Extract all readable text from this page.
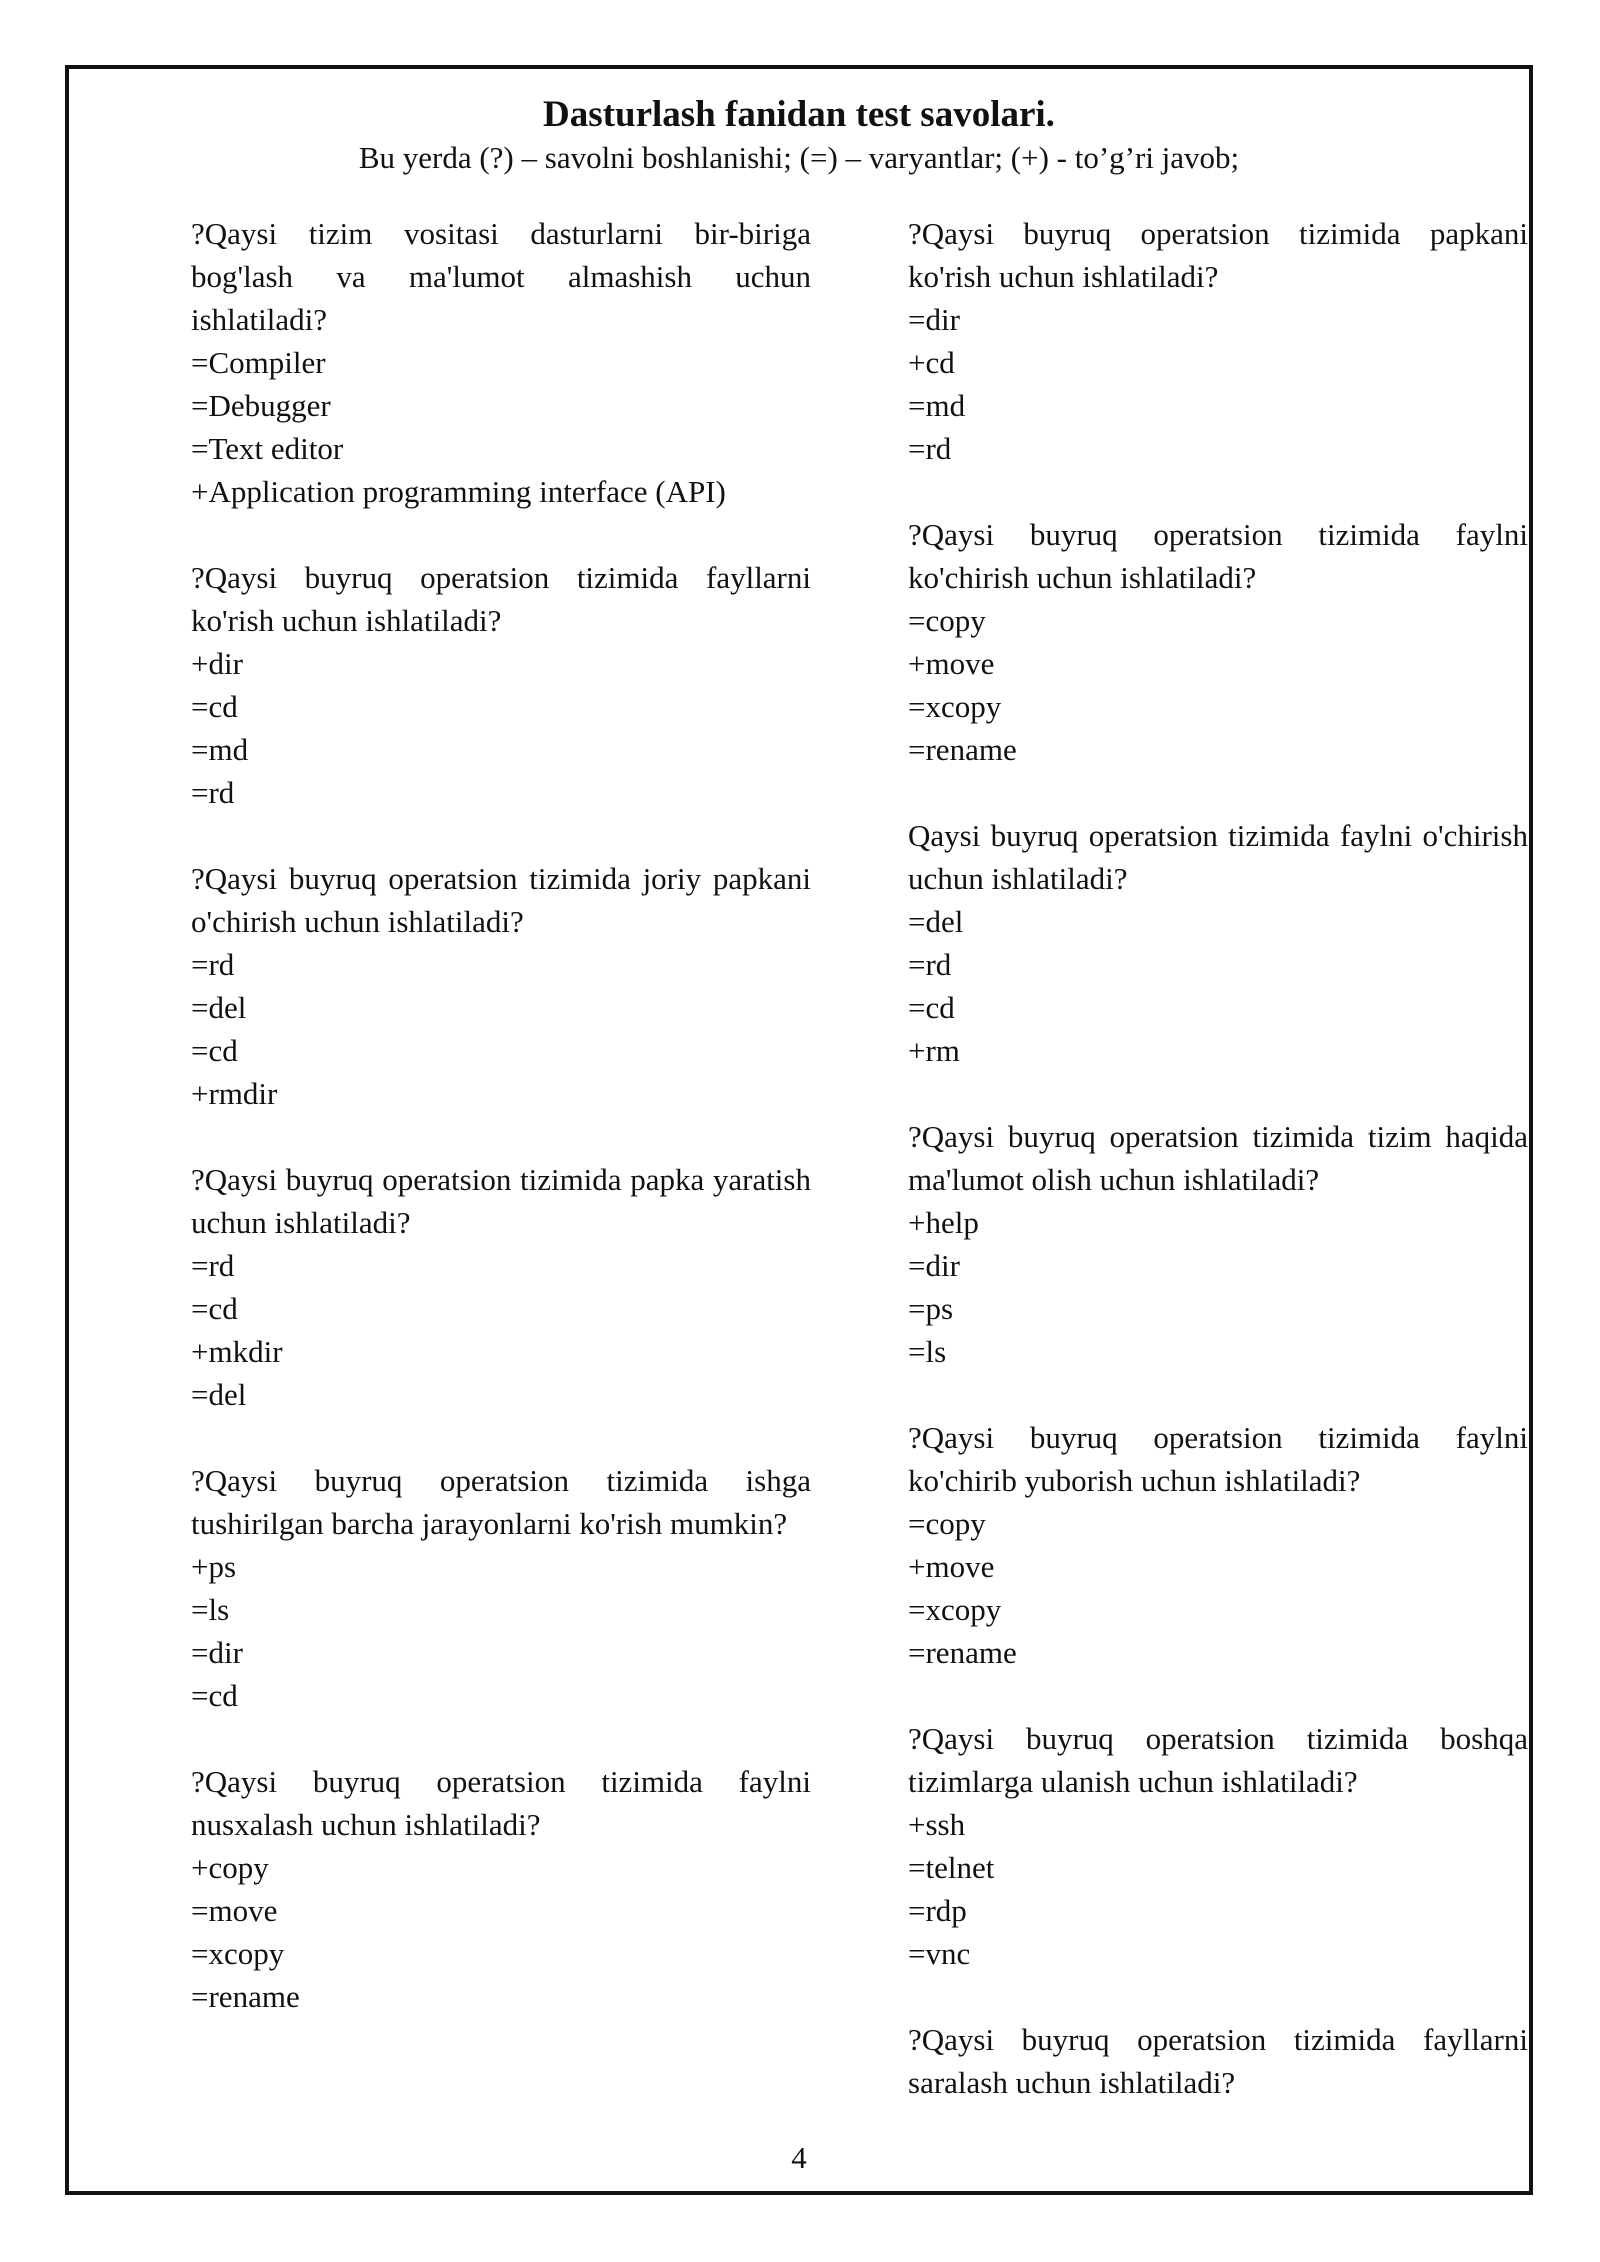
Dasturlash fanidan test savolari.
Bu yerda (?) – savolni boshlanishi; (=) – varyantlar; (+) - to’g’ri javob;
?Qaysi tizim vositasi dasturlarni bir-biriga bog'lash va ma'lumot almashish uchun ishlatiladi?
=Compiler
=Debugger
=Text editor
+Application programming interface (API)
?Qaysi buyruq operatsion tizimida fayllarni ko'rish uchun ishlatiladi?
+dir
=cd
=md
=rd
?Qaysi buyruq operatsion tizimida joriy papkani o'chirish uchun ishlatiladi?
=rd
=del
=cd
+rmdir
?Qaysi buyruq operatsion tizimida papka yaratish uchun ishlatiladi?
=rd
=cd
+mkdir
=del
?Qaysi buyruq operatsion tizimida ishga tushirilgan barcha jarayonlarni ko'rish mumkin?
+ps
=ls
=dir
=cd
?Qaysi buyruq operatsion tizimida faylni nusxalash uchun ishlatiladi?
+copy
=move
=xcopy
=rename
?Qaysi buyruq operatsion tizimida papkani ko'rish uchun ishlatiladi?
=dir
+cd
=md
=rd
?Qaysi buyruq operatsion tizimida faylni ko'chirish uchun ishlatiladi?
=copy
+move
=xcopy
=rename
Qaysi buyruq operatsion tizimida faylni o'chirish uchun ishlatiladi?
=del
=rd
=cd
+rm
?Qaysi buyruq operatsion tizimida tizim haqida ma'lumot olish uchun ishlatiladi?
+help
=dir
=ps
=ls
?Qaysi buyruq operatsion tizimida faylni ko'chirib yuborish uchun ishlatiladi?
=copy
+move
=xcopy
=rename
?Qaysi buyruq operatsion tizimida boshqa tizimlarga ulanish uchun ishlatiladi?
+ssh
=telnet
=rdp
=vnc
?Qaysi buyruq operatsion tizimida fayllarni saralash uchun ishlatiladi?
4
